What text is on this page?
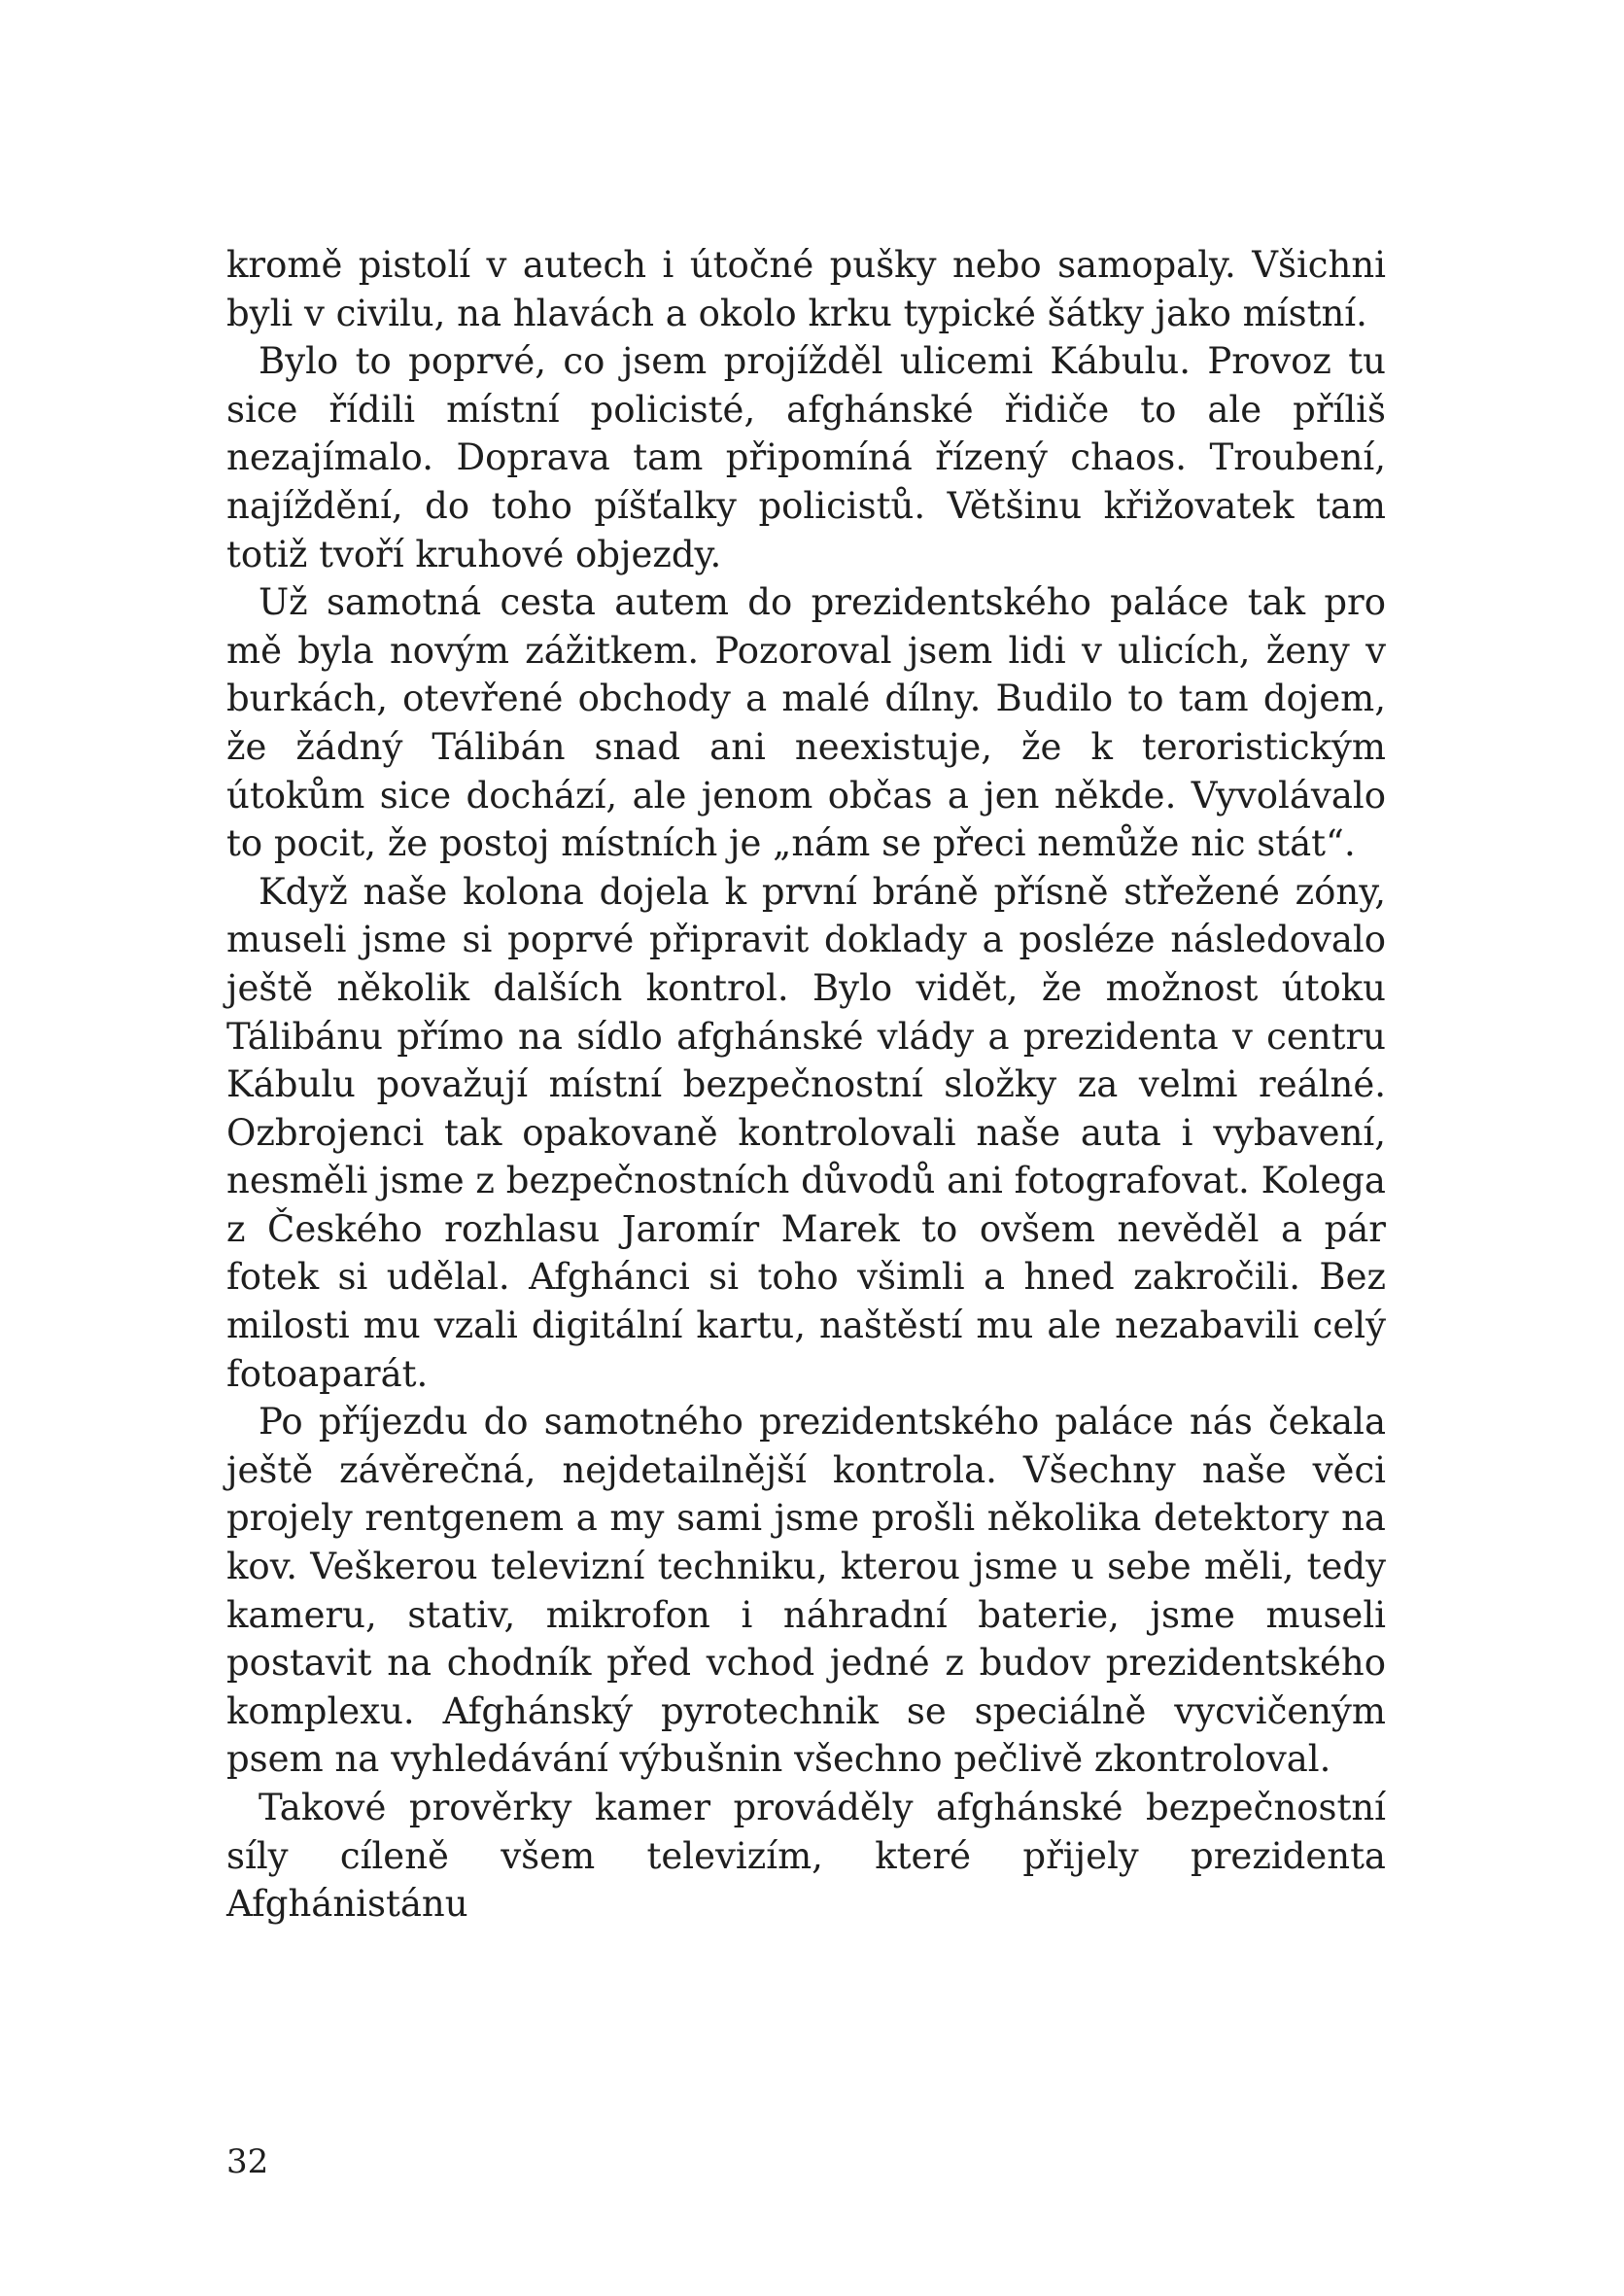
kromě pistolí v autech i útočné pušky nebo samopaly. Všichni byli v civilu, na hlavách a okolo krku typické šátky jako místní.

Bylo to poprvé, co jsem projížděl ulicemi Kábulu. Provoz tu sice řídili místní policisté, afghánské řidiče to ale příliš nezajímalo. Doprava tam připomíná řízený chaos. Troubení, najíždění, do toho píšťalky policistů. Většinu křižovatek tam totiž tvoří kruhové objezdy.

Už samotná cesta autem do prezidentského paláce tak pro mě byla novým zážitkem. Pozoroval jsem lidi v ulicích, ženy v burkách, otevřené obchody a malé dílny. Budilo to tam dojem, že žádný Tálibán snad ani neexistuje, že k teroristickým útokům sice dochází, ale jenom občas a jen někde. Vyvolávalo to pocit, že postoj místních je „nám se přeci nemůže nic stát“.

Když naše kolona dojela k první bráně přísně střežené zóny, museli jsme si poprvé připravit doklady a posléze následovalo ještě několik dalších kontrol. Bylo vidět, že možnost útoku Tálibánu přímo na sídlo afghánské vlády a prezidenta v centru Kábulu považují místní bezpečnostní složky za velmi reálné. Ozbrojenci tak opakovaně kontrolovali naše auta i vybavení, nesměli jsme z bezpečnostních důvodů ani fotografovat. Kolega z Českého rozhlasu Jaromír Marek to ovšem nevěděl a pár fotek si udělal. Afghánci si toho všimli a hned zakročili. Bez milosti mu vzali digitální kartu, naštěstí mu ale nezabavili celý fotoaparát.

Po příjezdu do samotného prezidentského paláce nás čekala ještě závěrečná, nejdetailnější kontrola. Všechny naše věci projely rentgenem a my sami jsme prošli několika detektory na kov. Veškerou televizní techniku, kterou jsme u sebe měli, tedy kameru, stativ, mikrofon i náhradní baterie, jsme museli postavit na chodník před vchod jedné z budov prezidentského komplexu. Afghánský pyrotechnik se speciálně vycvičeným psem na vyhledávání výbušnin všechno pečlivě zkontroloval.

Takové prověrky kamer prováděly afghánské bezpečnostní síly cíleně všem televizím, které přijely prezidenta Afghánistánu

32
